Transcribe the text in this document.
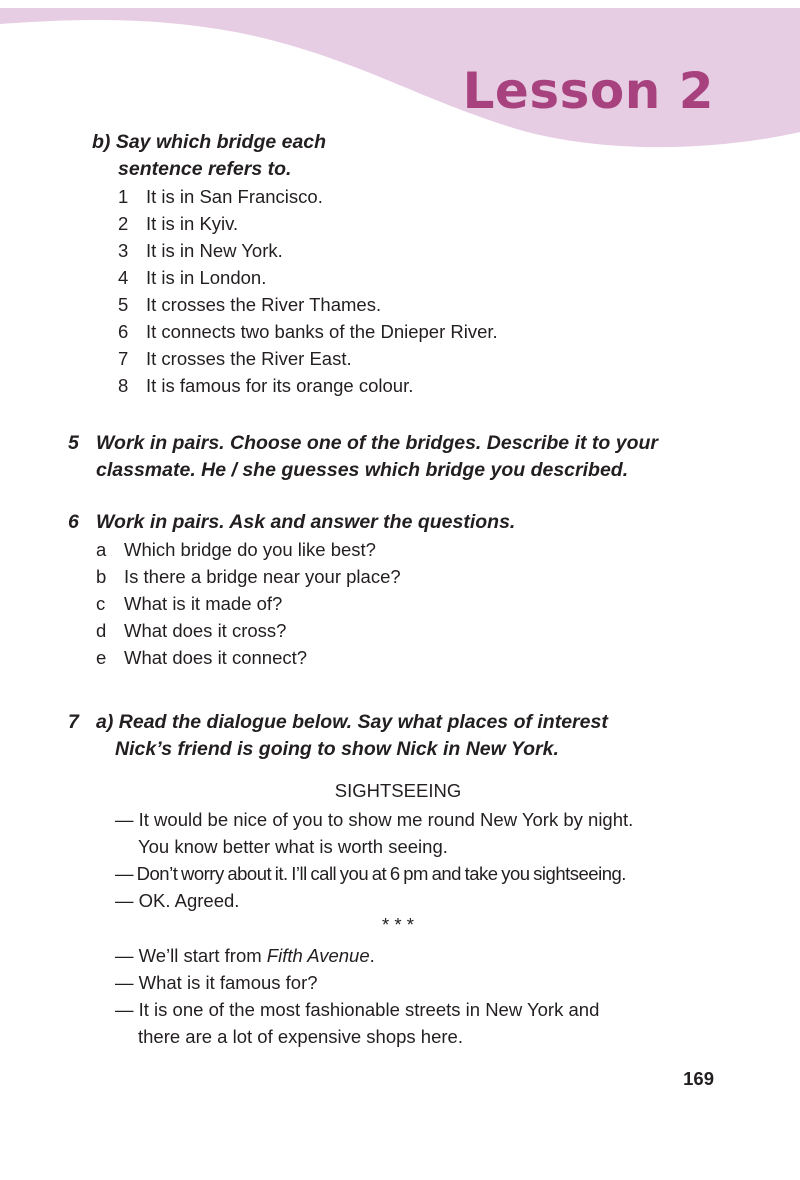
Lesson 2
b) Say which bridge each
sentence refers to.
1 It is in San Francisco.
2 It is in Kyiv.
3 It is in New York.
4 It is in London.
5 It crosses the River Thames.
6 It connects two banks of the Dnieper River.
7 It crosses the River East.
8 It is famous for its orange colour.
5 Work in pairs. Choose one of the bridges. Describe it to your
classmate. He / she guesses which bridge you described.
6 Work in pairs. Ask and answer the questions.
a Which bridge do you like best?
b Is there a bridge near your place?
c What is it made of?
d What does it cross?
e What does it connect?
7 a) Read the dialogue below. Say what places of interest
Nick’s friend is going to show Nick in New York.
SIGHTSEEING
— It would be nice of you to show me round New York by night.
You know better what is worth seeing.
— Don’t worry about it. I’ll call you at 6 pm and take you sightseeing.
— OK. Agreed.
* * *
— We’ll start from Fifth Avenue.
— What is it famous for?
— It is one of the most fashionable streets in New York and
there are a lot of expensive shops here.
169
